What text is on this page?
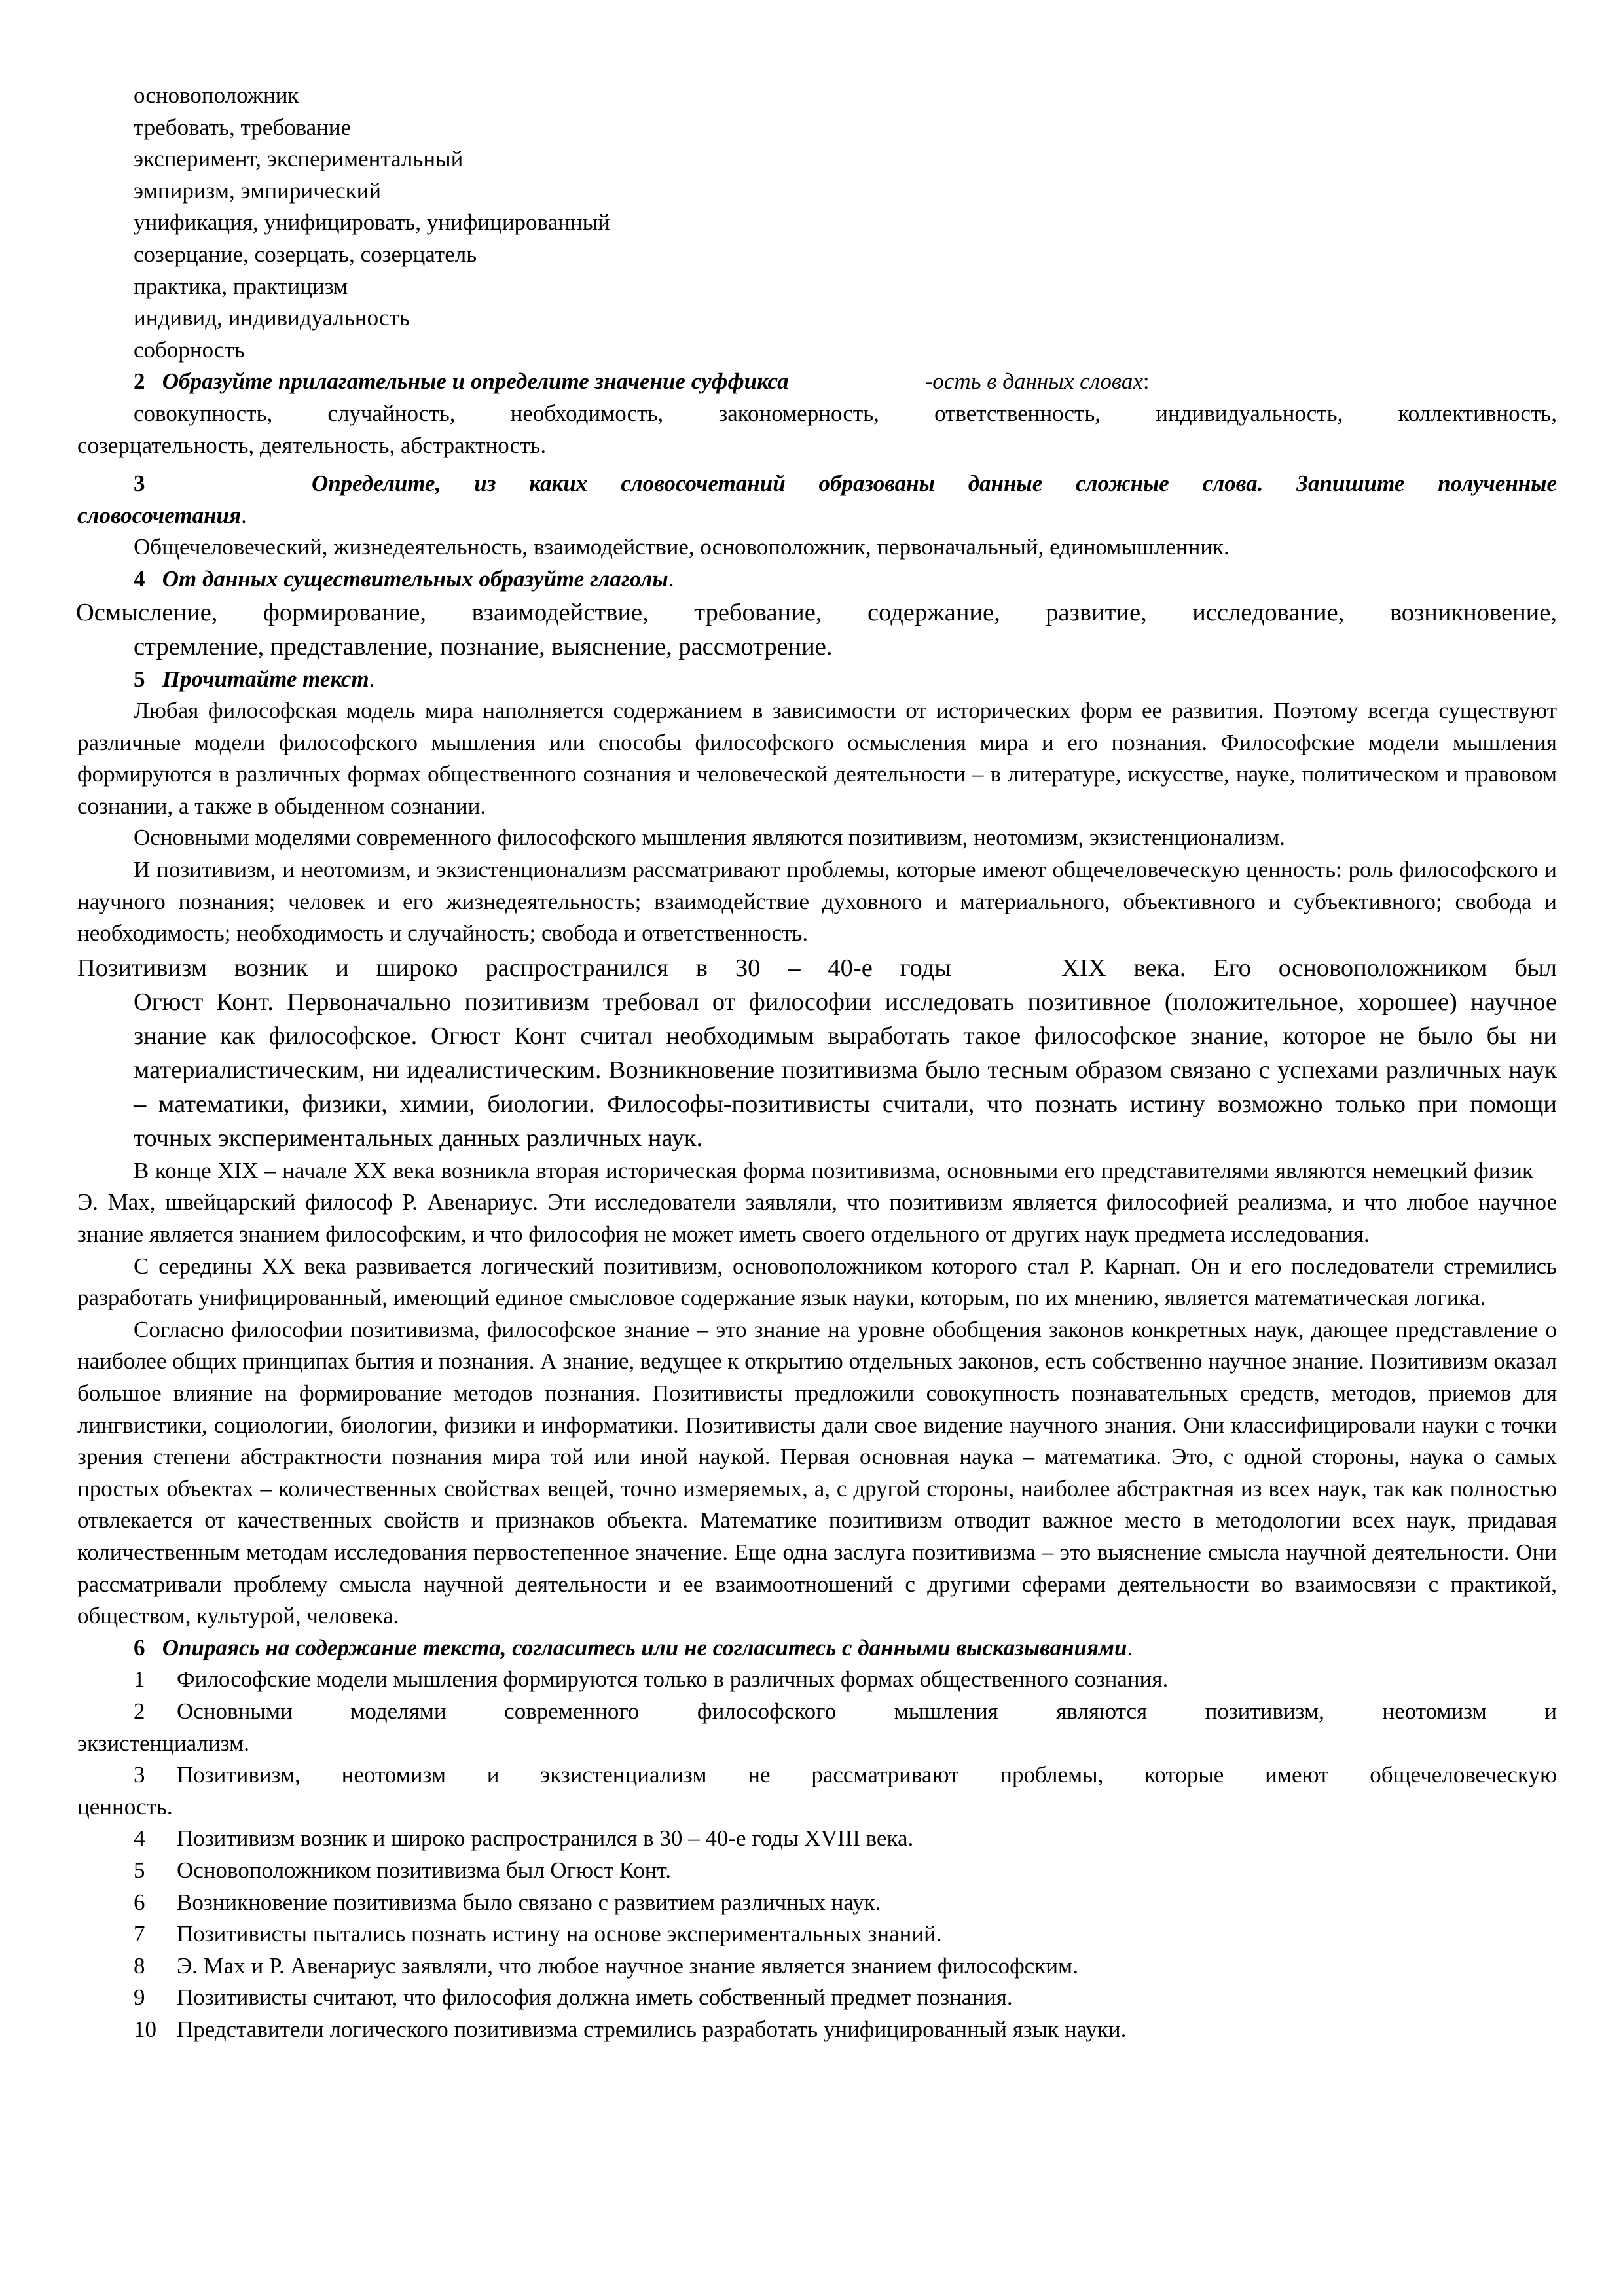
основоположник

требовать, требование

эксперимент, экспериментальный

эмпиризм, эмпирический

унификация, унифицировать, унифицированный

созерцание, созерцать, созерцатель

практика, практицизм

индивид, индивидуальность

соборность

2 Образуйте прилагательные и определите значение суффикса	-ость в данных словах:

совокупность, случайность, необходимость, закономерность, ответственность, индивидуальность, коллективность,

созерцательность, деятельность, абстрактность.

3	Определите, из каких словосочетаний образованы данные сложные слова. Запишите полученные

словосочетания.

Общечеловеческий, жизнедеятельность, взаимодействие, основоположник, первоначальный, единомышленник.

4 От данных существительных образуйте глаголы.

Осмысление, формирование, взаимодействие, требование, содержание, развитие, исследование, возникновение,

стремление, представление, познание, выяснение, рассмотрение.

5 Прочитайте текст.

Любая философская модель мира наполняется содержанием в зависимости от исторических форм ее развития. Поэтому всегда существуют различные модели философского мышления или способы философского осмысления мира и его познания. Философские модели мышления формируются в различных формах общественного сознания и человеческой деятельности – в литературе, искусстве, науке, политическом и правовом сознании, а также в обыденном сознании.

Основными моделями современного философского мышления являются позитивизм, неотомизм, экзистенционализм.

И позитивизм, и неотомизм, и экзистенционализм рассматривают проблемы, которые имеют общечеловеческую ценность: роль философского и научного познания; человек и его жизнедеятельность; взаимодействие духовного и материального, объективного и субъективного; свобода и необходимость; необходимость и случайность; свобода и ответственность.

Позитивизм возник и широко распространился в 30 – 40-е годы	XIX века. Его основоположником был

Огюст Конт. Первоначально позитивизм требовал от философии исследовать позитивное (положительное, хорошее) научное знание как философское. Огюст Конт считал необходимым выработать такое философское знание, которое не было бы ни материалистическим, ни идеалистическим. Возникновение позитивизма было тесным образом связано с успехами различных наук – математики, физики, химии, биологии. Философы-позитивисты считали, что познать истину возможно только при помощи точных экспериментальных данных различных наук.

В конце XIX – начале XX века возникла вторая историческая форма позитивизма, основными его представителями являются немецкий физикЭ. Мах, швейцарский философ Р. Авенариус. Эти исследователи заявляли, что позитивизм является философией реализма, и что любое научное знание является знанием философским, и что философия не может иметь своего отдельного от других наук предмета исследования.

С середины XX века развивается логический позитивизм, основоположником которого стал Р. Карнап. Он и его последователи стремились разработать унифицированный, имеющий единое смысловое содержание язык науки, которым, по их мнению, является математическая логика.

Согласно философии позитивизма, философское знание – это знание на уровне обобщения законов конкретных наук, дающее представление о наиболее общих принципах бытия и познания. А знание, ведущее к открытию отдельных законов, есть собственно научное знание. Позитивизм оказал большое влияние на формирование методов познания. Позитивисты предложили совокупность познавательных средств, методов, приемов для лингвистики, социологии, биологии, физики и информатики. Позитивисты дали свое видение научного знания. Они классифицировали науки с точки зрения степени абстрактности познания мира той или иной наукой. Первая основная наука – математика. Это, с одной стороны, наука о самых простых объектах – количественных свойствах вещей, точно измеряемых, а, с другой стороны, наиболее абстрактная из всех наук, так как полностью отвлекается от качественных свойств и признаков объекта. Математике позитивизм отводит важное место в методологии всех наук, придавая количественным методам исследования первостепенное значение. Еще одна заслуга позитивизма – это выяснение смысла научной деятельности. Они рассматривали проблему смысла научной деятельности и ее взаимоотношений с другими сферами деятельности во взаимосвязи с практикой, обществом, культурой, человека.

6 Опираясь на содержание текста, согласитесь или не согласитесь с данными высказываниями.

1	Философские модели мышления формируются только в различных формах общественного сознания.

2	Основными моделями современного философского мышления являются позитивизм, неотомизм и

экзистенциализм.

3	Позитивизм, неотомизм и экзистенциализм не рассматривают проблемы, которые имеют общечеловеческую

ценность.

4	Позитивизм возник и широко распространился в 30 – 40-е годы XVIII века.

5	Основоположником позитивизма был Огюст Конт.

6	Возникновение позитивизма было связано с развитием различных наук.

7	Позитивисты пытались познать истину на основе экспериментальных знаний.

8	Э. Мах и Р. Авенариус заявляли, что любое научное знание является знанием философским.

9	Позитивисты считают, что философия должна иметь собственный предмет познания.

10 Представители логического позитивизма стремились разработать унифицированный язык науки.
